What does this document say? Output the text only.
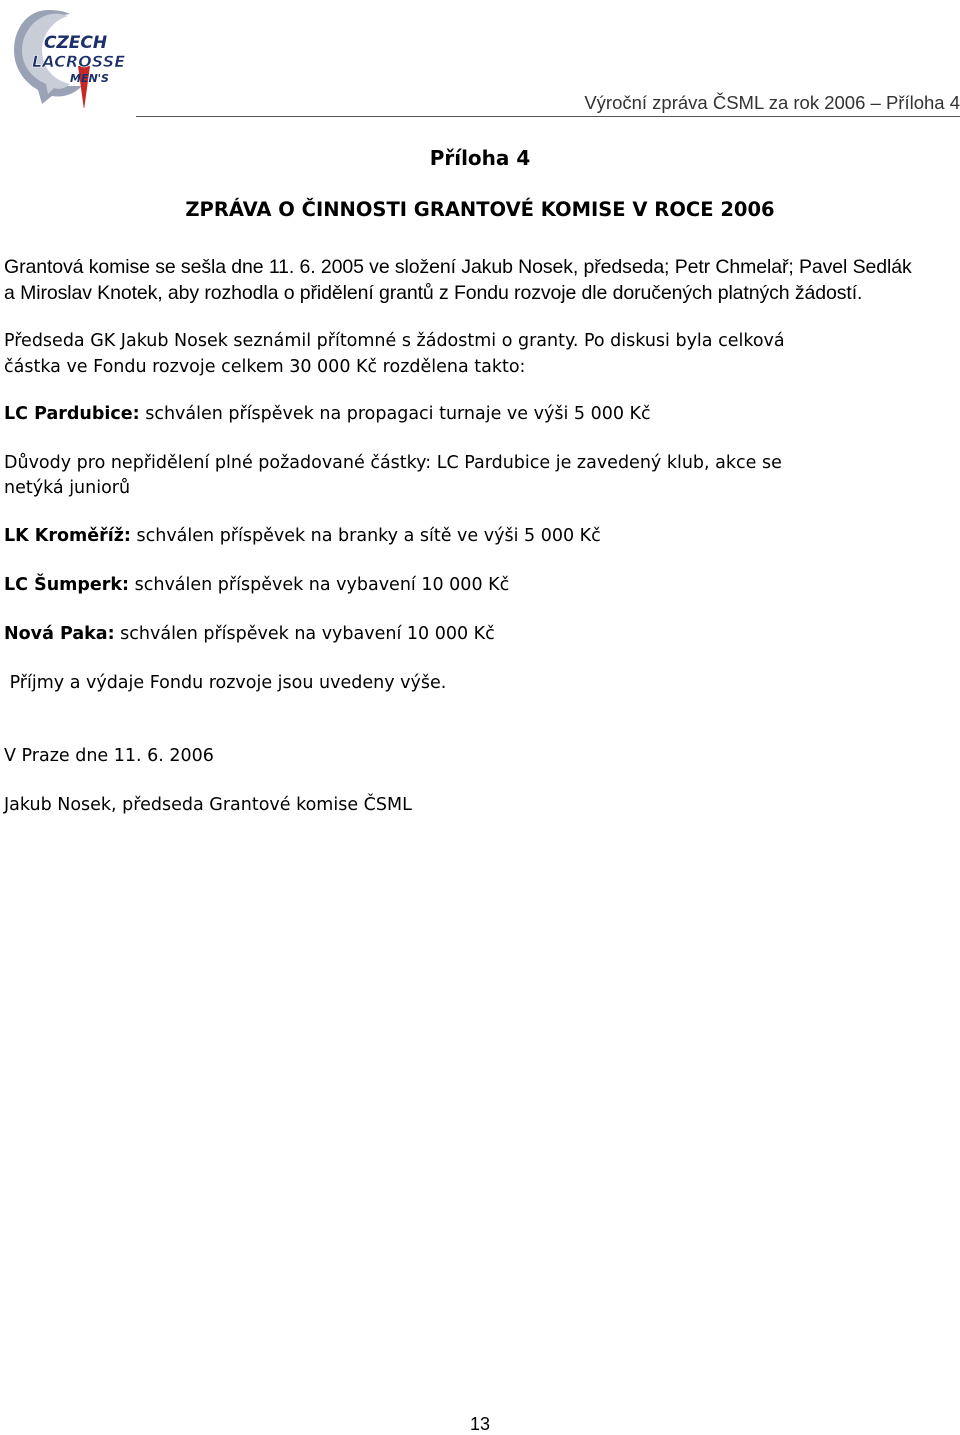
CZECH
LACROSSE
MEN'S
Výroční zpráva ČSML za rok 2006 – Příloha 4
Příloha 4
ZPRÁVA O ČINNOSTI GRANTOVÉ KOMISE V ROCE 2006
Grantová komise se sešla dne 11. 6. 2005 ve složení Jakub Nosek, předseda; Petr Chmelař; Pavel Sedlák
a Miroslav Knotek, aby rozhodla o přidělení grantů z Fondu rozvoje dle doručených platných žádostí.
Předseda GK Jakub Nosek seznámil přítomné s žádostmi o granty. Po diskusi byla celková
částka ve Fondu rozvoje celkem 30 000 Kč rozdělena takto:
LC Pardubice: schválen příspěvek na propagaci turnaje ve výši 5 000 Kč
Důvody pro nepřidělení plné požadované částky: LC Pardubice je zavedený klub, akce se
netýká juniorů
LK Kroměříž: schválen příspěvek na branky a sítě ve výši 5 000 Kč
LC Šumperk: schválen příspěvek na vybavení 10 000 Kč
Nová Paka: schválen příspěvek na vybavení 10 000 Kč
Příjmy a výdaje Fondu rozvoje jsou uvedeny výše.
V Praze dne 11. 6. 2006
Jakub Nosek, předseda Grantové komise ČSML
13
